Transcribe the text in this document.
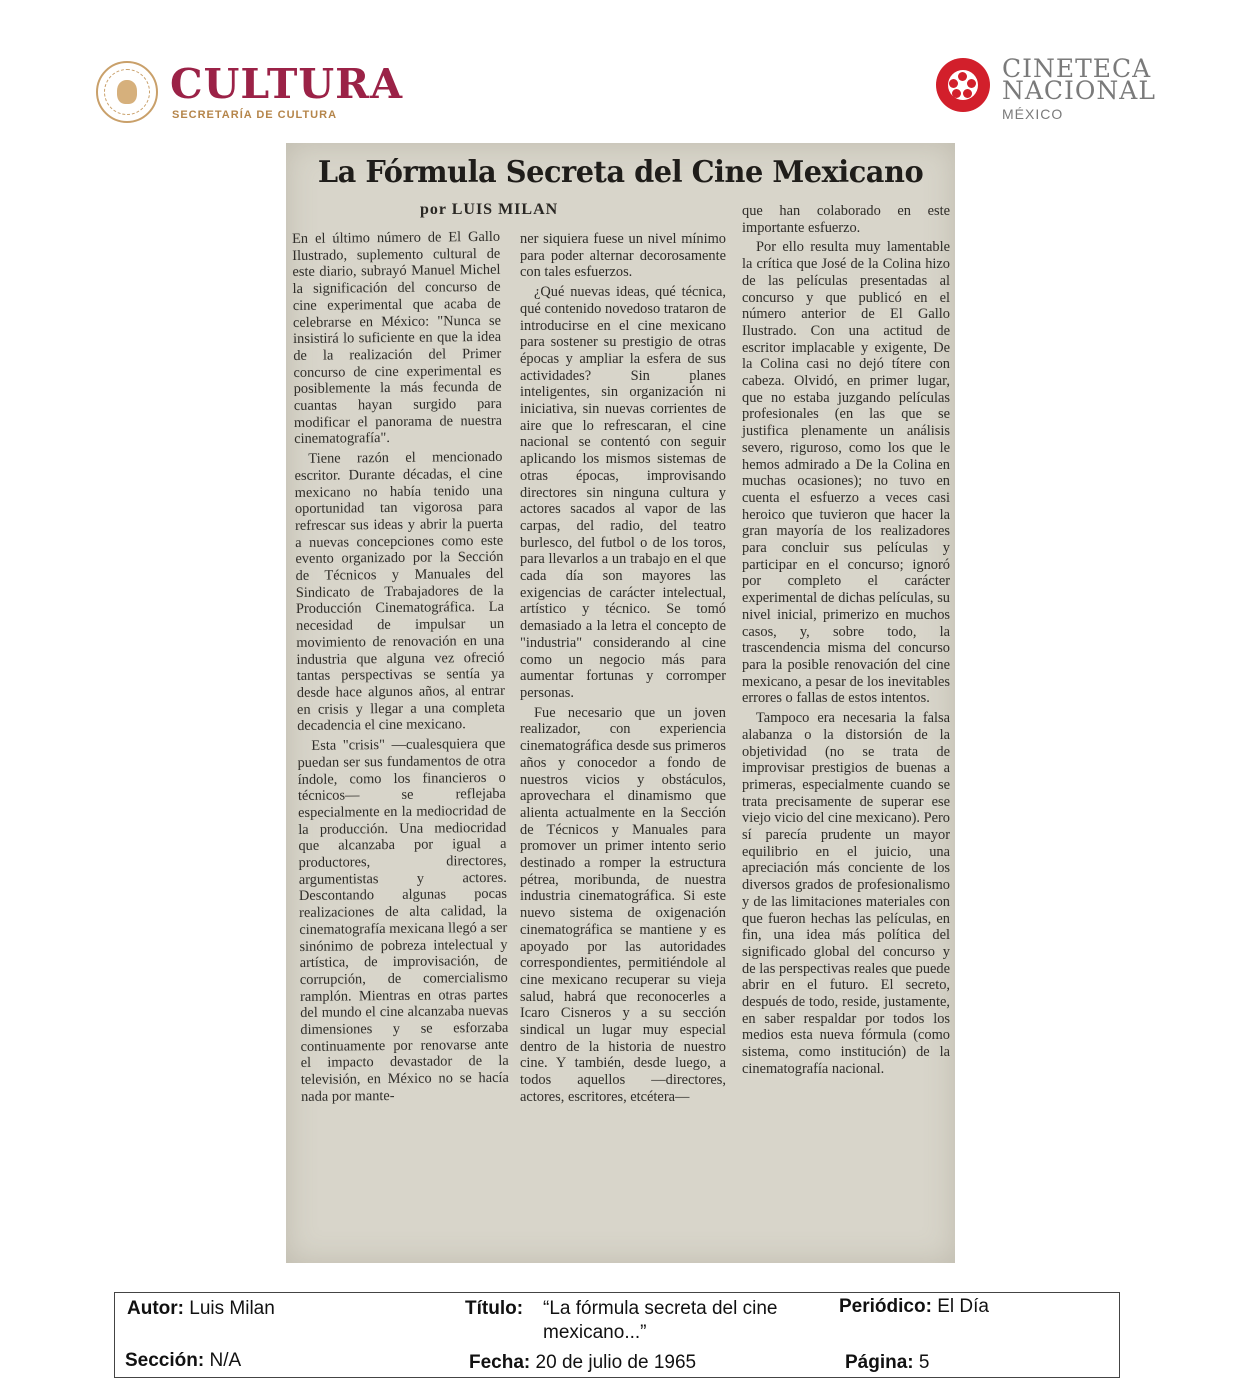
CULTURA
SECRETARÍA DE CULTURA
CINETECA
NACIONAL
MÉXICO
La Fórmula Secreta del Cine Mexicano
por LUIS MILAN

En el último número de El Gallo Ilustrado, suplemento cultural de este diario, subrayó Manuel Michel la significación del concurso de cine experimental que acaba de celebrarse en México: "Nunca se insistirá lo suficiente en que la idea de la realización del Primer concurso de cine experimental es posiblemente la más fecunda de cuantas hayan surgido para modificar el panorama de nuestra cinematografía".

Tiene razón el mencionado escritor. Durante décadas, el cine mexicano no había tenido una oportunidad tan vigorosa para refrescar sus ideas y abrir la puerta a nuevas concepciones como este evento organizado por la Sección de Técnicos y Manuales del Sindicato de Trabajadores de la Producción Cinematográfica. La necesidad de impulsar un movimiento de renovación en una industria que alguna vez ofreció tantas perspectivas se sentía ya desde hace algunos años, al entrar en crisis y llegar a una completa decadencia el cine mexicano.

Esta "crisis" —cualesquiera que puedan ser sus fundamentos de otra índole, como los financieros o técnicos— se reflejaba especialmente en la mediocridad de la producción. Una mediocridad que alcanzaba por igual a productores, directores, argumentistas y actores. Descontando algunas pocas realizaciones de alta calidad, la cinematografía mexicana llegó a ser sinónimo de pobreza intelectual y artística, de improvisación, de corrupción, de comercialismo ramplón. Mientras en otras partes del mundo el cine alcanzaba nuevas dimensiones y se esforzaba continuamente por renovarse ante el impacto devastador de la televisión, en México no se hacía nada por mante-

ner siquiera fuese un nivel mínimo para poder alternar decorosamente con tales esfuerzos.

¿Qué nuevas ideas, qué técnica, qué contenido novedoso trataron de introducirse en el cine mexicano para sostener su prestigio de otras épocas y ampliar la esfera de sus actividades? Sin planes inteligentes, sin organización ni iniciativa, sin nuevas corrientes de aire que lo refrescaran, el cine nacional se contentó con seguir aplicando los mismos sistemas de otras épocas, improvisando directores sin ninguna cultura y actores sacados al vapor de las carpas, del radio, del teatro burlesco, del futbol o de los toros, para llevarlos a un trabajo en el que cada día son mayores las exigencias de carácter intelectual, artístico y técnico. Se tomó demasiado a la letra el concepto de "industria" considerando al cine como un negocio más para aumentar fortunas y corromper personas.

Fue necesario que un joven realizador, con experiencia cinematográfica desde sus primeros años y conocedor a fondo de nuestros vicios y obstáculos, aprovechara el dinamismo que alienta actualmente en la Sección de Técnicos y Manuales para promover un primer intento serio destinado a romper la estructura pétrea, moribunda, de nuestra industria cinematográfica. Si este nuevo sistema de oxigenación cinematográfica se mantiene y es apoyado por las autoridades correspondientes, permitiéndole al cine mexicano recuperar su vieja salud, habrá que reconocerles a Icaro Cisneros y a su sección sindical un lugar muy especial dentro de la historia de nuestro cine. Y también, desde luego, a todos aquellos —directores, actores, escritores, etcétera—

que han colaborado en este importante esfuerzo.

Por ello resulta muy lamentable la crítica que José de la Colina hizo de las películas presentadas al concurso y que publicó en el número anterior de El Gallo Ilustrado. Con una actitud de escritor implacable y exigente, De la Colina casi no dejó títere con cabeza. Olvidó, en primer lugar, que no estaba juzgando películas profesionales (en las que se justifica plenamente un análisis severo, riguroso, como los que le hemos admirado a De la Colina en muchas ocasiones); no tuvo en cuenta el esfuerzo a veces casi heroico que tuvieron que hacer la gran mayoría de los realizadores para concluir sus películas y participar en el concurso; ignoró por completo el carácter experimental de dichas películas, su nivel inicial, primerizo en muchos casos, y, sobre todo, la trascendencia misma del concurso para la posible renovación del cine mexicano, a pesar de los inevitables errores o fallas de estos intentos.

Tampoco era necesaria la falsa alabanza o la distorsión de la objetividad (no se trata de improvisar prestigios de buenas a primeras, especialmente cuando se trata precisamente de superar ese viejo vicio del cine mexicano). Pero sí parecía prudente un mayor equilibrio en el juicio, una apreciación más conciente de los diversos grados de profesionalismo y de las limitaciones materiales con que fueron hechas las películas, en fin, una idea más política del significado global del concurso y de las perspectivas reales que puede abrir en el futuro. El secreto, después de todo, reside, justamente, en saber respaldar por todos los medios esta nueva fórmula (como sistema, como institución) de la cinematografía nacional.

Autor: Luis Milan	Título: “La fórmula secreta del cine mexicano...”
Periódico: El Día
Sección: N/A	Fecha: 20 de julio de 1965	Página: 5
